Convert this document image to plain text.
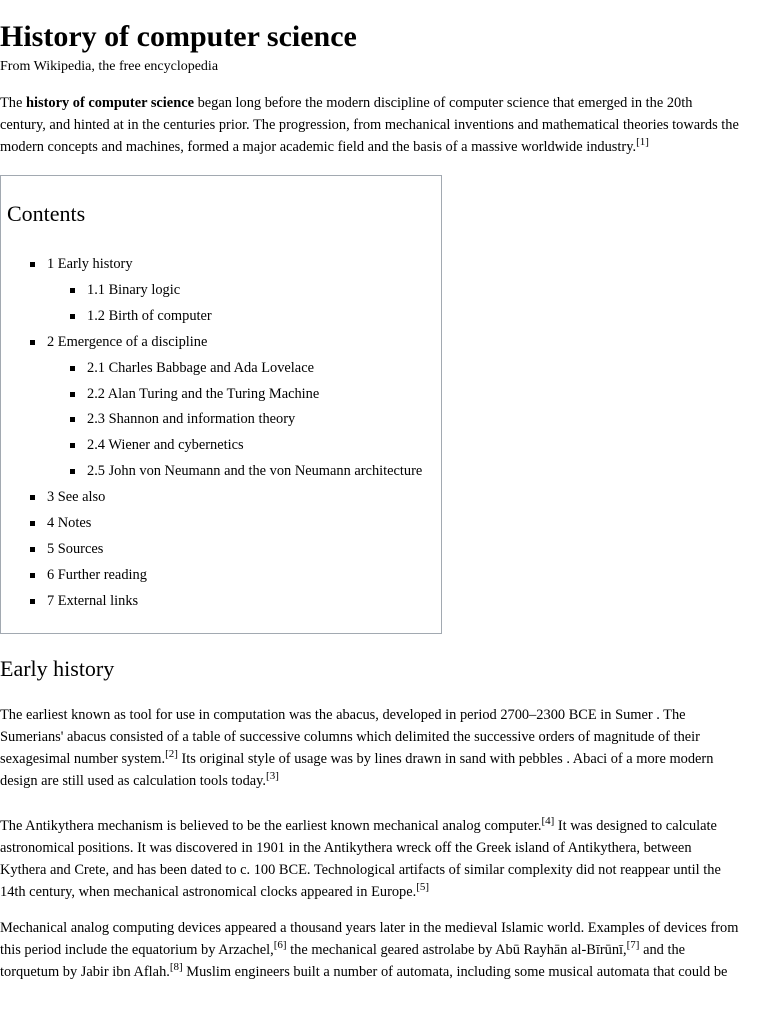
History of computer science
From Wikipedia, the free encyclopedia

The history of computer science began long before the modern discipline of computer science that emerged in the 20th
century, and hinted at in the centuries prior. The progression, from mechanical inventions and mathematical theories towards the
modern concepts and machines, formed a major academic field and the basis of a massive worldwide industry.[1]

Contents
1 Early history
1.1 Binary logic
1.2 Birth of computer
2 Emergence of a discipline
2.1 Charles Babbage and Ada Lovelace
2.2 Alan Turing and the Turing Machine
2.3 Shannon and information theory
2.4 Wiener and cybernetics
2.5 John von Neumann and the von Neumann architecture
3 See also
4 Notes
5 Sources
6 Further reading
7 External links
Early history

The earliest known as tool for use in computation was the abacus, developed in period 2700–2300 BCE in Sumer . The
Sumerians' abacus consisted of a table of successive columns which delimited the successive orders of magnitude of their
sexagesimal number system.[2] Its original style of usage was by lines drawn in sand with pebbles . Abaci of a more modern
design are still used as calculation tools today.[3]

The Antikythera mechanism is believed to be the earliest known mechanical analog computer.[4] It was designed to calculate
astronomical positions. It was discovered in 1901 in the Antikythera wreck off the Greek island of Antikythera, between
Kythera and Crete, and has been dated to c. 100 BCE. Technological artifacts of similar complexity did not reappear until the
14th century, when mechanical astronomical clocks appeared in Europe.[5]

Mechanical analog computing devices appeared a thousand years later in the medieval Islamic world. Examples of devices from
this period include the equatorium by Arzachel,[6] the mechanical geared astrolabe by Abū Rayhān al-Bīrūnī,[7] and the
torquetum by Jabir ibn Aflah.[8] Muslim engineers built a number of automata, including some musical automata that could be
